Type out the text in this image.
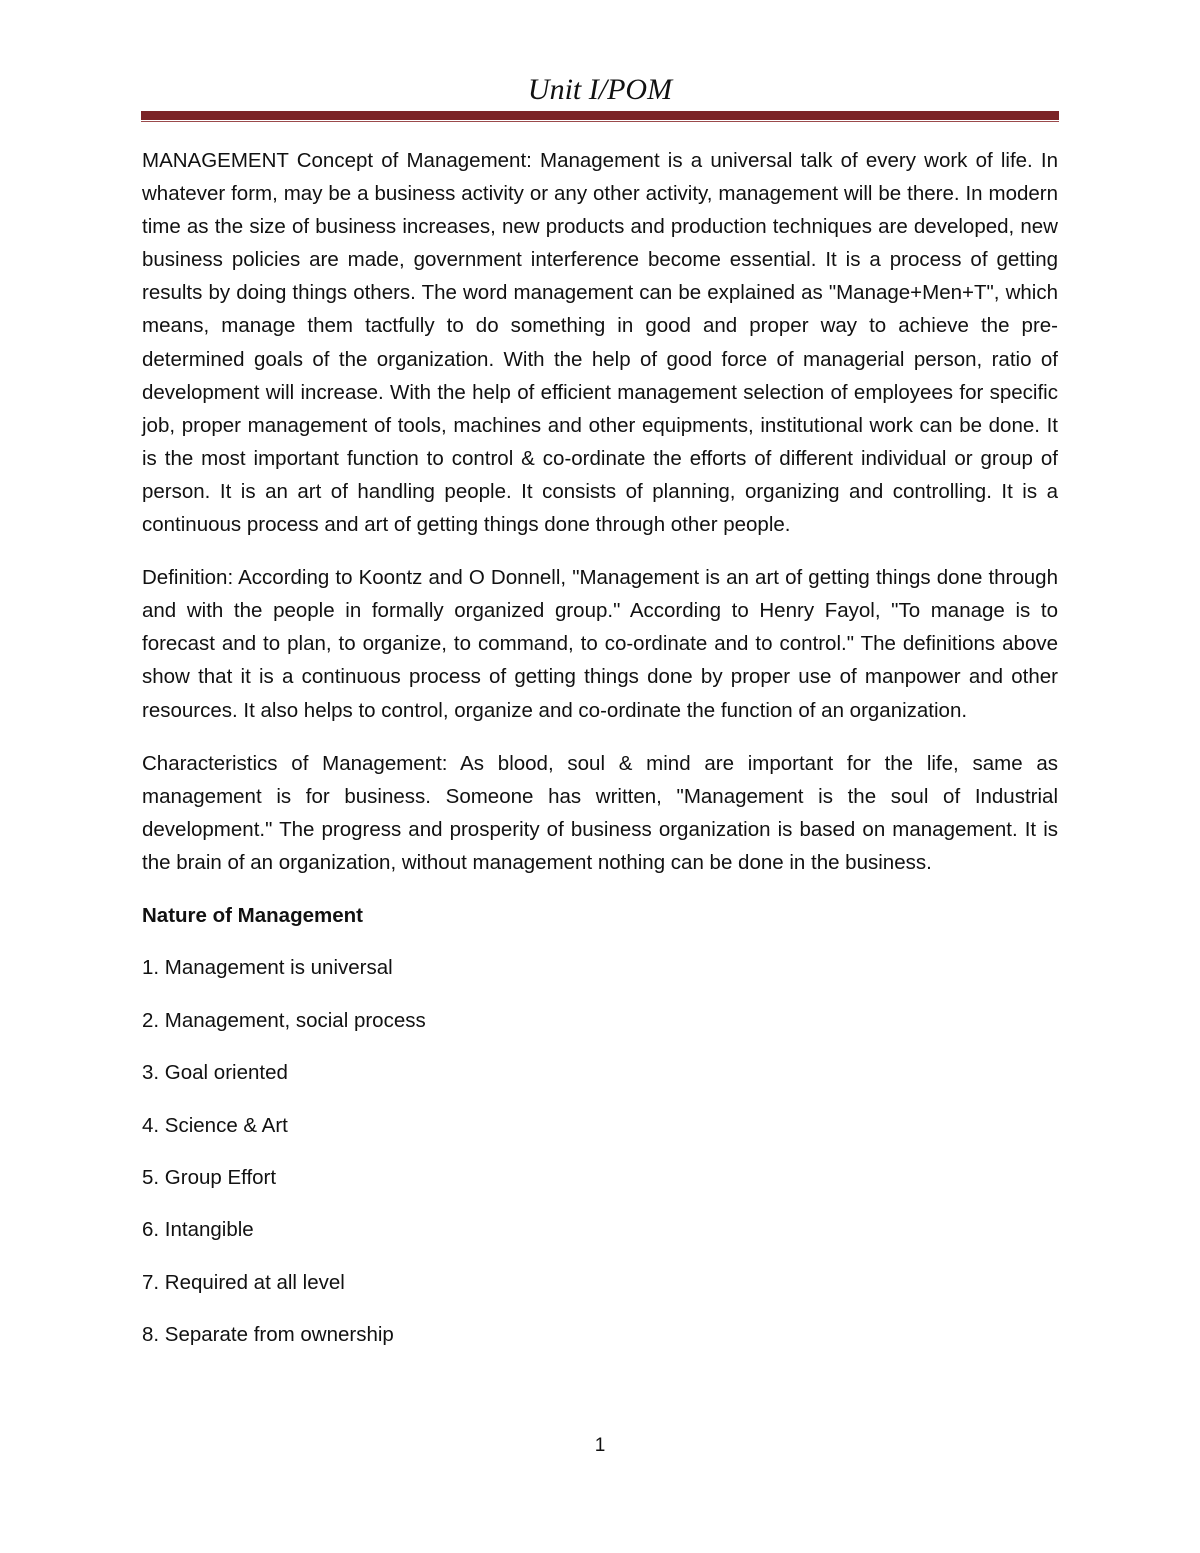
Unit I/POM

MANAGEMENT Concept of Management: Management is a universal talk of every work of life. In whatever form, may be a business activity or any other activity, management will be there. In modern time as the size of business increases, new products and production techniques are developed, new business policies are made, government interference become essential. It is a process of getting results by doing things others. The word management can be explained as "Manage+Men+T", which means, manage them tactfully to do something in good and proper way to achieve the pre-determined goals of the organization. With the help of good force of managerial person, ratio of development will increase. With the help of efficient management selection of employees for specific job, proper management of tools, machines and other equipments, institutional work can be done. It is the most important function to control & co-ordinate the efforts of different individual or group of person. It is an art of handling people. It consists of planning, organizing and controlling. It is a continuous process and art of getting things done through other people.

Definition: According to Koontz and O Donnell, "Management is an art of getting things done through and with the people in formally organized group." According to Henry Fayol, "To manage is to forecast and to plan, to organize, to command, to co-ordinate and to control." The definitions above show that it is a continuous process of getting things done by proper use of manpower and other resources. It also helps to control, organize and co-ordinate the function of an organization.

Characteristics of Management: As blood, soul & mind are important for the life, same as management is for business. Someone has written, "Management is the soul of Industrial development." The progress and prosperity of business organization is based on management. It is the brain of an organization, without management nothing can be done in the business.

Nature of Management

1. Management is universal
2. Management, social process
3. Goal oriented
4. Science & Art
5. Group Effort
6. Intangible
7. Required at all level
8. Separate from ownership
1
